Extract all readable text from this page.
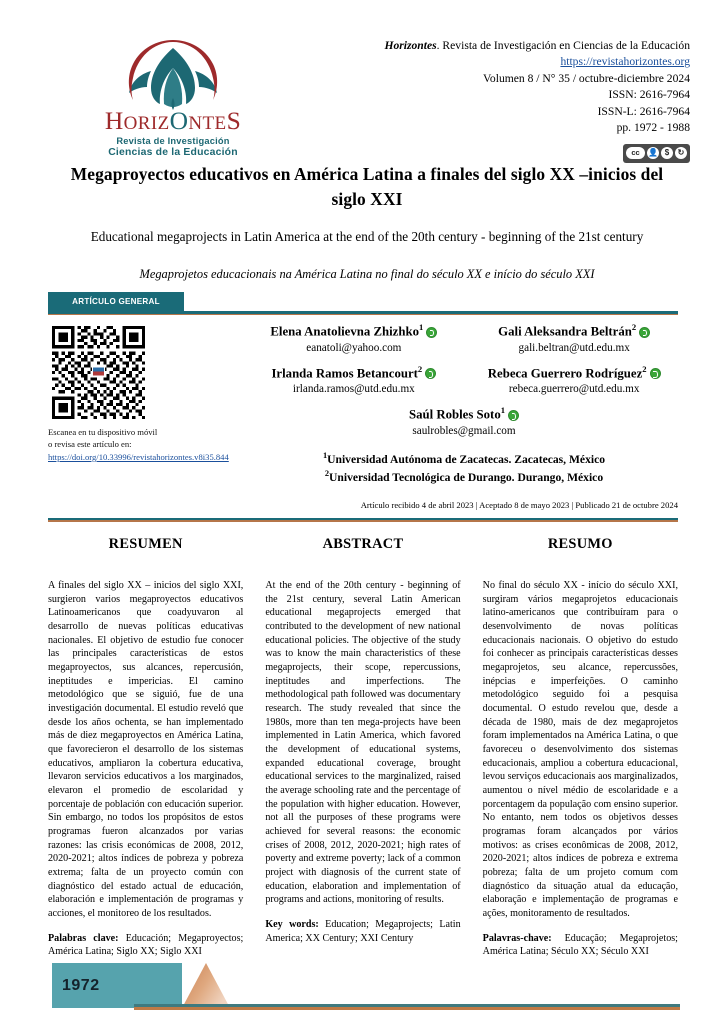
HORIZONTES
Revista de Investigación
Ciencias de la Educación
Horizontes. Revista de Investigación en Ciencias de la Educación
https://revistahorizontes.org
Volumen 8 / N° 35 / octubre-diciembre 2024
ISSN: 2616-7964
ISSN-L: 2616-7964
pp. 1972 - 1988
cc	👤 $	↻
Megaproyectos educativos en América Latina a finales del siglo XX –inicios del siglo XXI
Educational megaprojects in Latin America at the end of the 20th century - beginning of the 21st century
Megaprojetos educacionais na América Latina no final do século XX e início do século XXI
ARTÍCULO GENERAL
Escanea en tu dispositivo móvil
o revisa este artículo en:
https://doi.org/10.33996/revistahorizontes.v8i35.844
Elena Anatolievna Zhizhko$^1$
eanatoli@yahoo.com
Gali Aleksandra Beltrán$^2$
gali.beltran@utd.edu.mx
Irlanda Ramos Betancourt$^2$
irlanda.ramos@utd.edu.mx
Rebeca Guerrero Rodríguez$^2$
rebeca.guerrero@utd.edu.mx
Saúl Robles Soto$^1$
saulrobles@gmail.com
$^1$Universidad Autónoma de Zacatecas. Zacatecas, México
$^2$Universidad Tecnológica de Durango. Durango, México
Artículo recibido 4 de abril 2023 | Aceptado 8 de mayo 2023 | Publicado 21 de octubre 2024
RESUMEN
A finales del siglo XX – inicios del siglo XXI, surgieron varios megaproyectos educativos Latinoamericanos que coadyuvaron al desarrollo de nuevas políticas educativas nacionales. El objetivo de estudio fue conocer las principales características de estos megaproyectos, sus alcances, repercusión, ineptitudes e impericias. El camino metodológico que se siguió, fue de una investigación documental. El estudio reveló que desde los años ochenta, se han implementado más de diez megaproyectos en América Latina, que favorecieron el desarrollo de los sistemas educativos, ampliaron la cobertura educativa, llevaron servicios educativos a los marginados, elevaron el promedio de escolaridad y porcentaje de población con educación superior. Sin embargo, no todos los propósitos de estos programas fueron alcanzados por varias razones: las crisis económicas de 2008, 2012, 2020-2021; altos índices de pobreza y pobreza extrema; falta de un proyecto común con diagnóstico del estado actual de educación, elaboración e implementación de programas y acciones, el monitoreo de los resultados.
Palabras clave: Educación; Megaproyectos; América Latina; Siglo XX; Siglo XXI
ABSTRACT
At the end of the 20th century - beginning of the 21st century, several Latin American educational megaprojects emerged that contributed to the development of new national educational policies. The objective of the study was to know the main characteristics of these megaprojects, their scope, repercussions, ineptitudes and imperfections. The methodological path followed was documentary research. The study revealed that since the 1980s, more than ten mega-projects have been implemented in Latin America, which favored the development of educational systems, expanded educational coverage, brought educational services to the marginalized, raised the average schooling rate and the percentage of the population with higher education. However, not all the purposes of these programs were achieved for several reasons: the economic crises of 2008, 2012, 2020-2021; high rates of poverty and extreme poverty; lack of a common project with diagnosis of the current state of education, elaboration and implementation of programs and actions, monitoring of results.
Key words: Education; Megaprojects; Latin America; XX Century; XXI Century
RESUMO
No final do século XX - início do século XXI, surgiram vários megaprojetos educacionais latino-americanos que contribuíram para o desenvolvimento de novas políticas educacionais nacionais. O objetivo do estudo foi conhecer as principais características desses megaprojetos, seu alcance, repercussões, inépcias e imperfeições. O caminho metodológico seguido foi a pesquisa documental. O estudo revelou que, desde a década de 1980, mais de dez megaprojetos foram implementados na América Latina, o que favoreceu o desenvolvimento dos sistemas educacionais, ampliou a cobertura educacional, levou serviços educacionais aos marginalizados, aumentou o nível médio de escolaridade e a porcentagem da população com ensino superior. No entanto, nem todos os objetivos desses programas foram alcançados por vários motivos: as crises econômicas de 2008, 2012, 2020-2021; altos índices de pobreza e extrema pobreza; falta de um projeto comum com diagnóstico da situação atual da educação, elaboração e implementação de programas e ações, monitoramento de resultados.
Palavras-chave: Educação; Megaprojetos; América Latina; Século XX; Século XXI
1972
